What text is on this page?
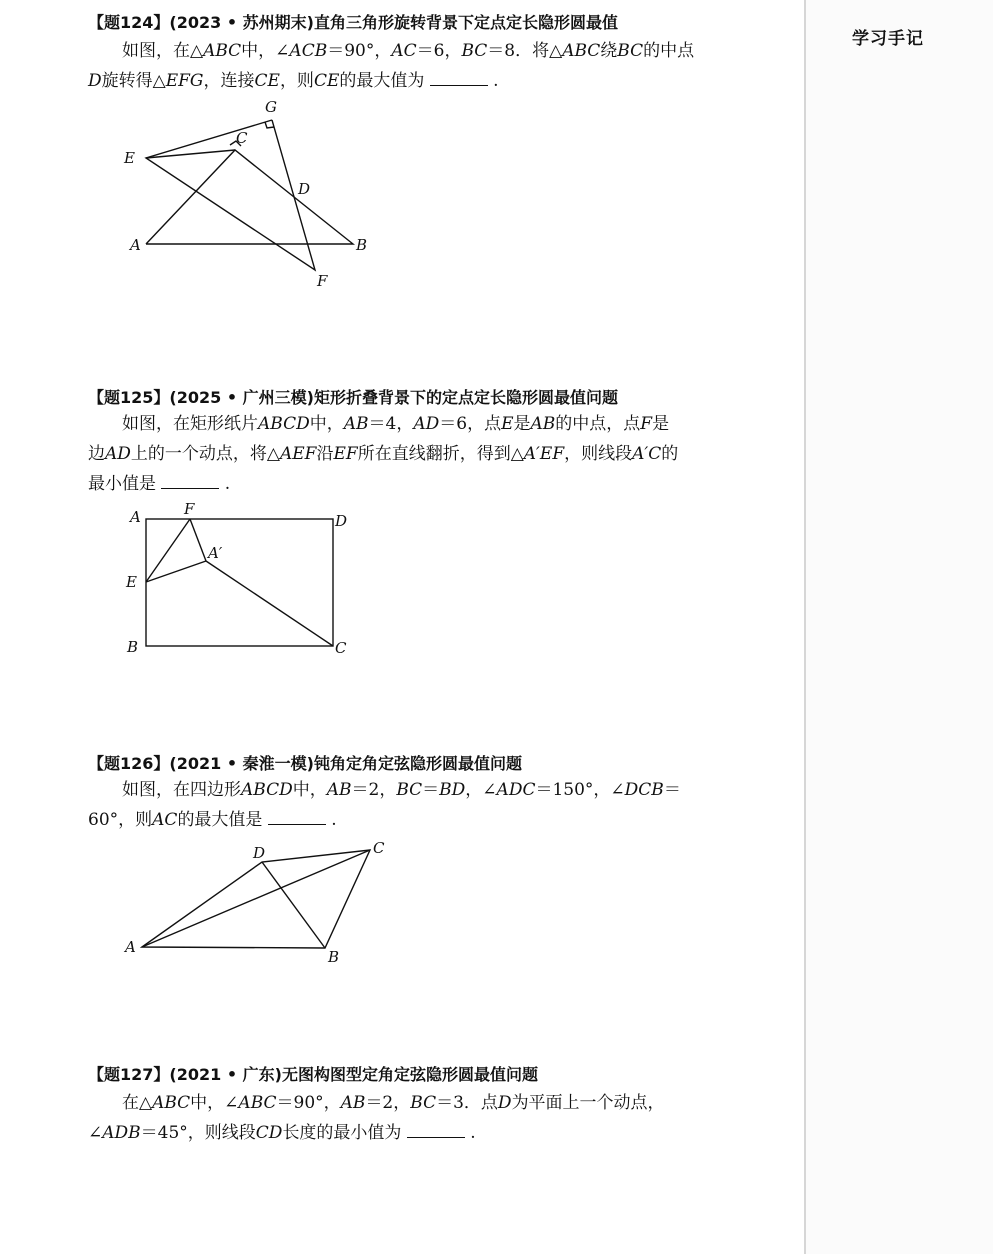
【题124】(2023 • 苏州期末)直角三角形旋转背景下定点定长隐形圆最值
如图，在△ABC中，∠ACB＝90°，AC＝6，BC＝8．将△ABC绕BC的中点
D旋转得△EFG，连接CE，则CE的最大值为	.
G
C
E
D
A	B
F
【题125】(2025 • 广州三模)矩形折叠背景下的定点定长隐形圆最值问题
如图，在矩形纸片ABCD中，AB＝4，AD＝6，点E是AB的中点，点F是
边AD上的一个动点，将△AEF沿EF所在直线翻折，得到△A′EF，则线段A′C的
最小值是	.
A	F
D
A′
E
B	C
【题126】(2021 • 秦淮一模)钝角定角定弦隐形圆最值问题
如图，在四边形ABCD中，AB＝2，BC＝BD，∠ADC＝150°，∠DCB＝
60°，则AC的最大值是	.
D	C
A
B
【题127】(2021 • 广东)无图构图型定角定弦隐形圆最值问题
在△ABC中，∠ABC＝90°，AB＝2，BC＝3．点D为平面上一个动点，
∠ADB＝45°，则线段CD长度的最小值为	.
学习手记
